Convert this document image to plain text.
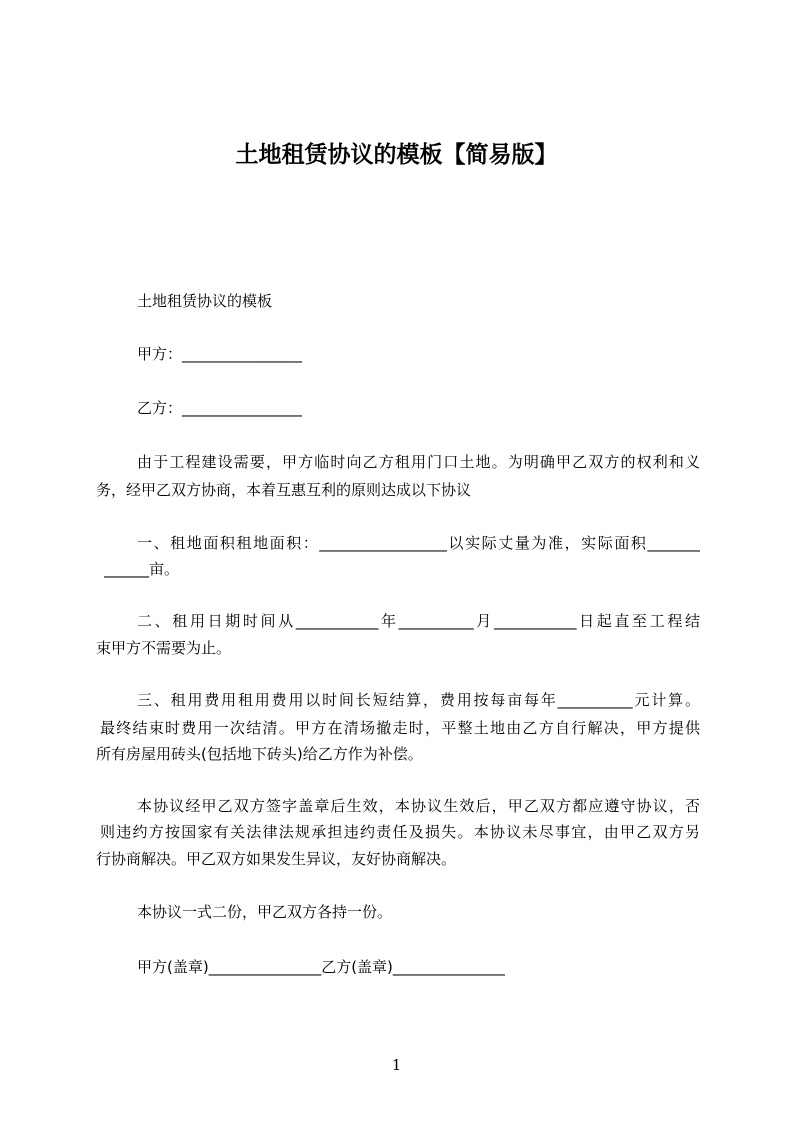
土地租赁协议的模板【简易版】
土地租赁协议的模板
甲方：________________
乙方：________________
由于工程建设需要，甲方临时向乙方租用门口土地。为明确甲乙双方的权利和义
务，经甲乙双方协商，本着互惠互利的原则达成以下协议
一、租地面积租地面积：_________________以实际丈量为准，实际面积_______
______亩。
二、租用日期时间从___________年__________月___________日起直至工程结
束甲方不需要为止。
三、租用费用租用费用以时间长短结算，费用按每亩每年__________元计算。
最终结束时费用一次结清。甲方在清场撤走时，平整土地由乙方自行解决，甲方提供
所有房屋用砖头(包括地下砖头)给乙方作为补偿。
本协议经甲乙双方签字盖章后生效，本协议生效后，甲乙双方都应遵守协议，否
则违约方按国家有关法律法规承担违约责任及损失。本协议未尽事宜，由甲乙双方另
行协商解决。甲乙双方如果发生异议，友好协商解决。
本协议一式二份，甲乙双方各持一份。
甲方(盖章)_______________乙方(盖章)_______________
1
